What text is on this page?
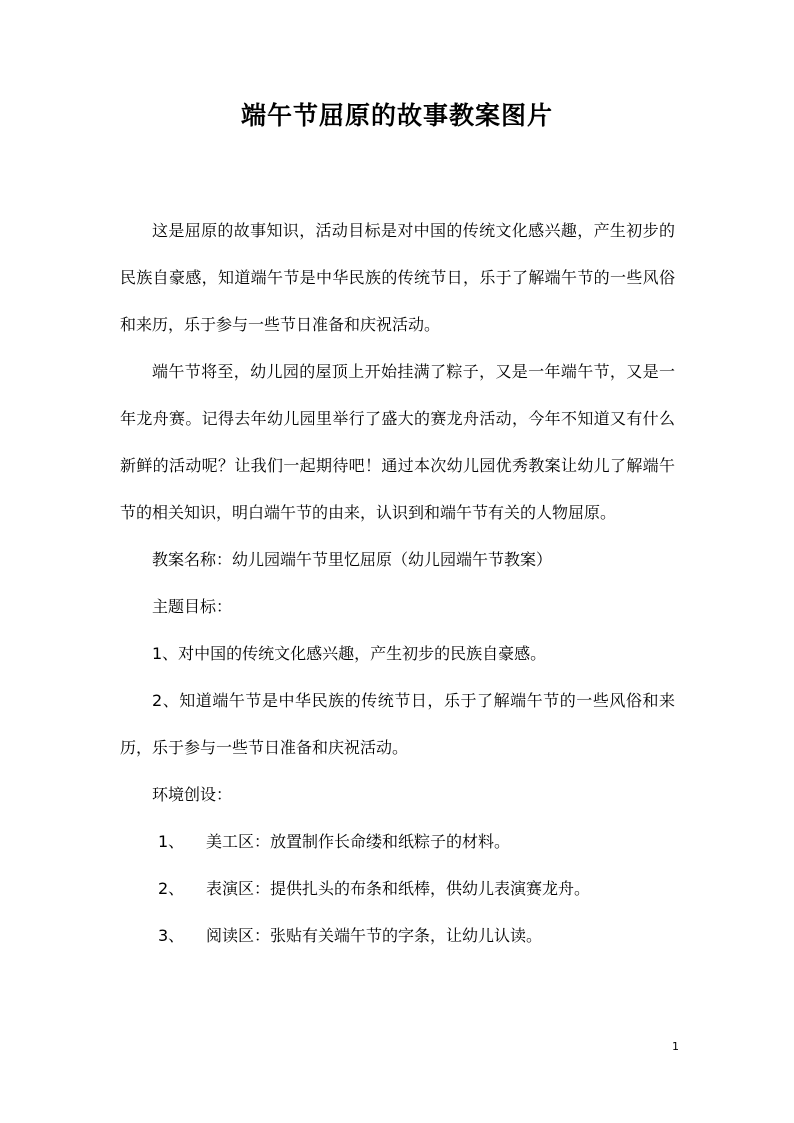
端午节屈原的故事教案图片

这是屈原的故事知识，活动目标是对中国的传统文化感兴趣，产生初步的民族自豪感，知道端午节是中华民族的传统节日，乐于了解端午节的一些风俗和来历，乐于参与一些节日准备和庆祝活动。

端午节将至，幼儿园的屋顶上开始挂满了粽子，又是一年端午节，又是一年龙舟赛。记得去年幼儿园里举行了盛大的赛龙舟活动，今年不知道又有什么新鲜的活动呢？让我们一起期待吧！通过本次幼儿园优秀教案让幼儿了解端午节的相关知识，明白端午节的由来，认识到和端午节有关的人物屈原。

教案名称：幼儿园端午节里忆屈原（幼儿园端午节教案）

主题目标：

1、对中国的传统文化感兴趣，产生初步的民族自豪感。

2、知道端午节是中华民族的传统节日，乐于了解端午节的一些风俗和来历，乐于参与一些节日准备和庆祝活动。

环境创设：

1、 美工区：放置制作长命缕和纸粽子的材料。

2、 表演区：提供扎头的布条和纸棒，供幼儿表演赛龙舟。

3、 阅读区：张贴有关端午节的字条，让幼儿认读。

1
